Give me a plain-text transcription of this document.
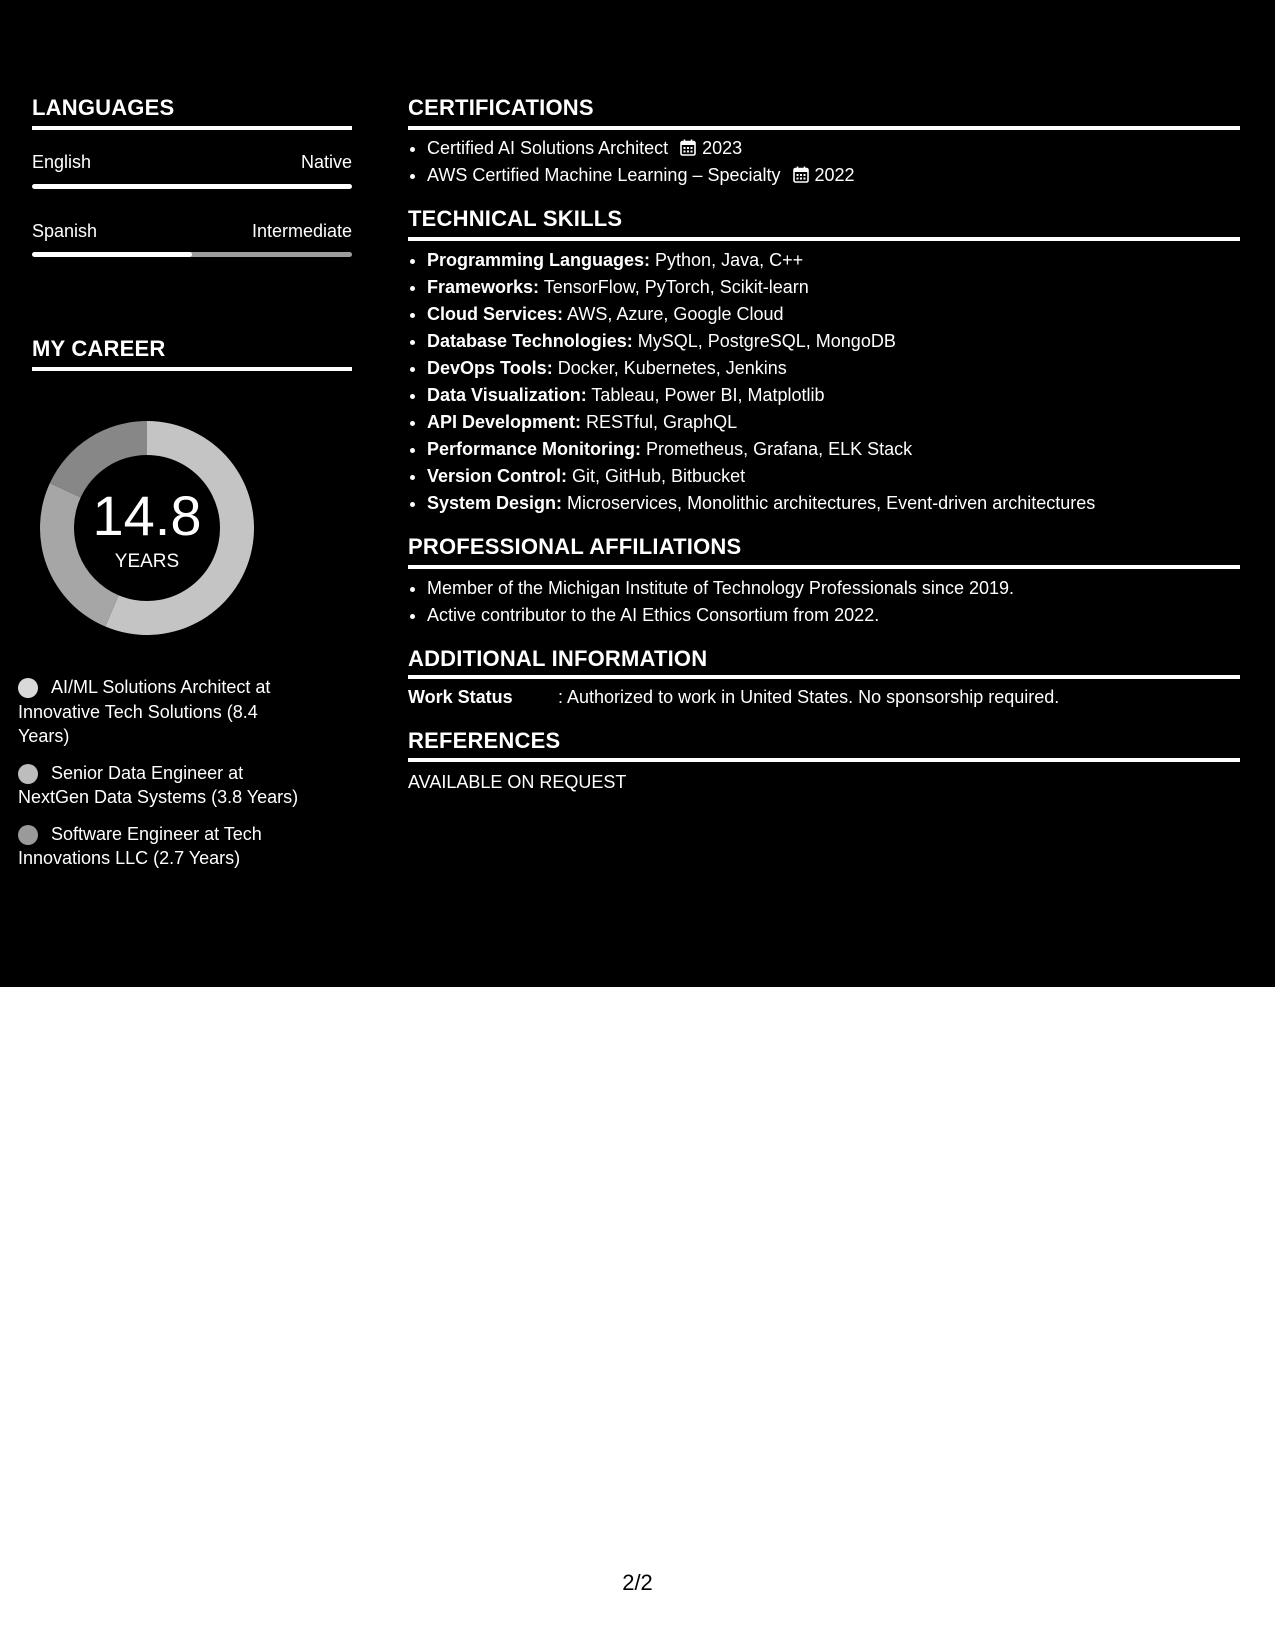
LANGUAGES
English	Native
Spanish	Intermediate
MY CAREER
14.8
YEARS
AI/ML Solutions Architect at Innovative Tech Solutions (8.4 Years)
Senior Data Engineer at NextGen Data Systems (3.8 Years)
Software Engineer at Tech Innovations LLC (2.7 Years)
CERTIFICATIONS
• Certified AI Solutions Architect 2023
• AWS Certified Machine Learning – Specialty 2022
TECHNICAL SKILLS
• Programming Languages: Python, Java, C++
• Frameworks: TensorFlow, PyTorch, Scikit-learn
• Cloud Services: AWS, Azure, Google Cloud
• Database Technologies: MySQL, PostgreSQL, MongoDB
• DevOps Tools: Docker, Kubernetes, Jenkins
• Data Visualization: Tableau, Power BI, Matplotlib
• API Development: RESTful, GraphQL
• Performance Monitoring: Prometheus, Grafana, ELK Stack
• Version Control: Git, GitHub, Bitbucket
• System Design: Microservices, Monolithic architectures, Event-driven architectures
PROFESSIONAL AFFILIATIONS
• Member of the Michigan Institute of Technology Professionals since 2019.
• Active contributor to the AI Ethics Consortium from 2022.
ADDITIONAL INFORMATION
Work Status	: Authorized to work in United States. No sponsorship required.
REFERENCES
AVAILABLE ON REQUEST
2/2
